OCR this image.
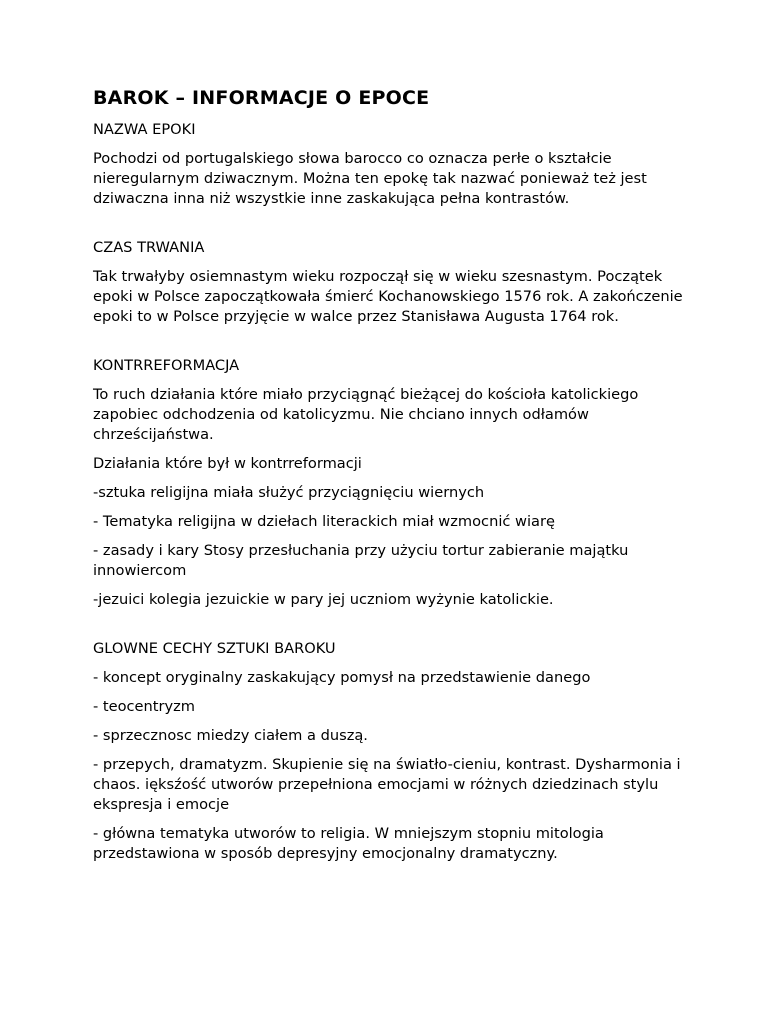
BAROK – INFORMACJE O EPOCE

NAZWA EPOKI

Pochodzi od portugalskiego słowa barocco co oznacza perłe o kształcie nieregularnym dziwacznym. Można ten epokę tak nazwać ponieważ też jest dziwaczna inna niż wszystkie inne zaskakująca pełna kontrastów.

CZAS TRWANIA

Tak trwałyby osiemnastym wieku rozpoczął się w wieku szesnastym. Początek epoki w Polsce zapoczątkowała śmierć Kochanowskiego 1576 rok. A zakończenie epoki to w Polsce przyjęcie w walce przez Stanisława Augusta 1764 rok.

KONTRREFORMACJA

To ruch działania które miało przyciągnąć bieżącej do kościoła katolickiego zapobiec odchodzenia od katolicyzmu. Nie chciano innych odłamów chrześcijaństwa.

Działania które był w kontrreformacji

-sztuka religijna miała służyć przyciągnięciu wiernych

- Tematyka religijna w dziełach literackich miał wzmocnić wiarę

- zasady i kary Stosy przesłuchania przy użyciu tortur zabieranie majątku innowiercom

-jezuici kolegia jezuickie w pary jej uczniom wyżynie katolickie.

GLOWNE CECHY SZTUKI BAROKU

- koncept oryginalny zaskakujący pomysł na przedstawienie danego

- teocentryzm

- sprzecznosc miedzy ciałem a duszą.

- przepych, dramatyzm. Skupienie się na światło-cieniu, kontrast. Dysharmonia i chaos. ięksźość utworów przepełniona emocjami w różnych dziedzinach stylu ekspresja i emocje

- główna tematyka utworów to religia. W mniejszym stopniu mitologia przedstawiona w sposób depresyjny emocjonalny dramatyczny.
